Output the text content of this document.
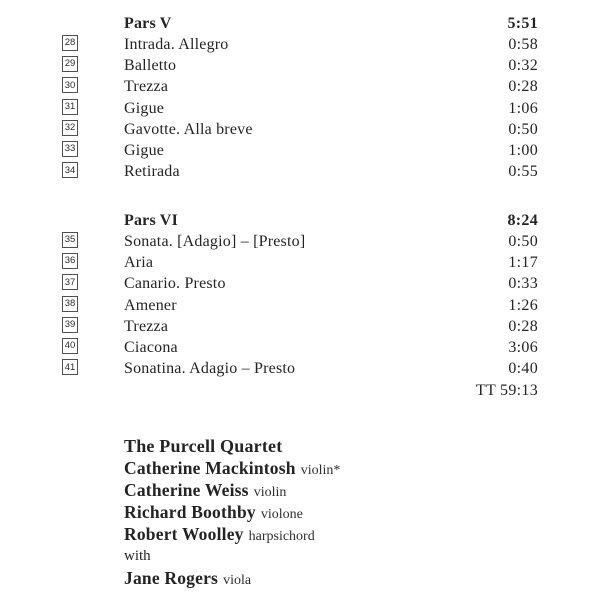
Pars V	5:51
28	Intrada. Allegro	0:58
29	Balletto	0:32
30	Trezza	0:28
31	Gigue	1:06
32	Gavotte. Alla breve	0:50
33	Gigue	1:00
34	Retirada	0:55
Pars VI	8:24
35	Sonata. [Adagio] – [Presto]	0:50
36	Aria	1:17
37	Canario. Presto	0:33
38	Amener	1:26
39	Trezza	0:28
40	Ciacona	3:06
41	Sonatina. Adagio – Presto	0:40
TT 59:13
The Purcell Quartet
Catherine Mackintosh violin*
Catherine Weiss violin
Richard Boothby violone
Robert Woolley harpsichord
with
Jane Rogers viola
